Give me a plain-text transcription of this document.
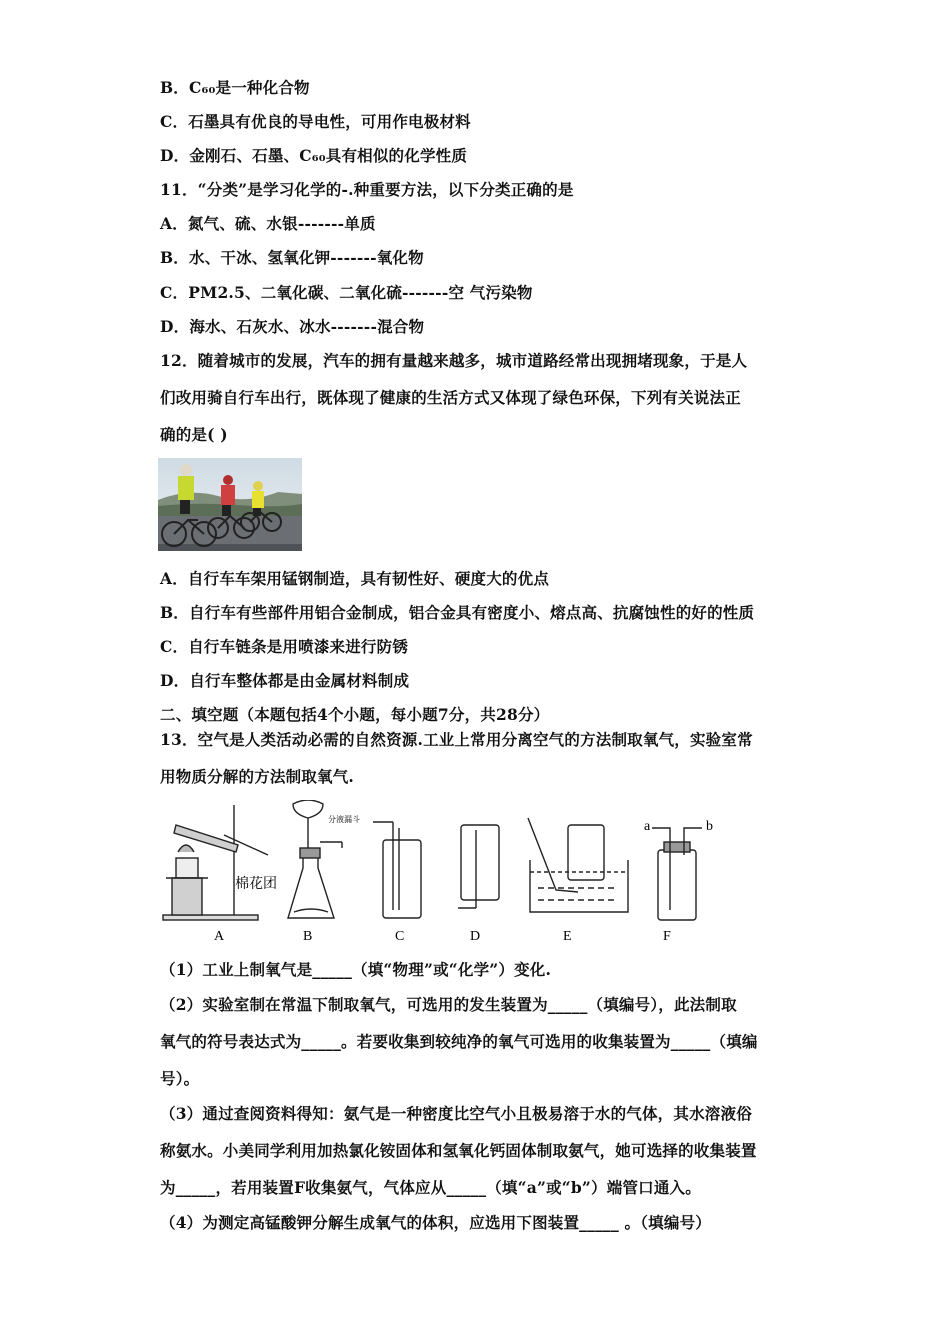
B．C₆₀是一种化合物
C．石墨具有优良的导电性，可用作电极材料
D．金刚石、石墨、C₆₀具有相似的化学性质
11．“分类”是学习化学的-.种重要方法，以下分类正确的是
A．氮气、硫、水银-------单质
B．水、干冰、氢氧化钾-------氧化物
C．PM2.5、二氧化碳、二氧化硫-------空 气污染物
D．海水、石灰水、冰水-------混合物
12．随着城市的发展，汽车的拥有量越来越多，城市道路经常出现拥堵现象，于是人
们改用骑自行车出行，既体现了健康的生活方式又体现了绿色环保，下列有关说法正
确的是( )
A．自行车车架用锰钢制造，具有韧性好、硬度大的优点
B．自行车有些部件用铝合金制成，铝合金具有密度小、熔点高、抗腐蚀性的好的性质
C．自行车链条是用喷漆来进行防锈
D．自行车整体都是由金属材料制成
二、填空题（本题包括4个小题，每小题7分，共28分）
13．空气是人类活动必需的自然资源.工业上常用分离空气的方法制取氧气，实验室常
用物质分解的方法制取氧气.
棉花团
分液漏斗	a	b
A	B	C	D	E	F
（1）工业上制氧气是_____（填“物理”或“化学”）变化.
（2）实验室制在常温下制取氧气，可选用的发生装置为_____（填编号），此法制取
氧气的符号表达式为_____。若要收集到较纯净的氧气可选用的收集装置为_____（填编
号）。
（3）通过查阅资料得知：氨气是一种密度比空气小且极易溶于水的气体，其水溶液俗
称氨水。小美同学利用加热氯化铵固体和氢氧化钙固体制取氨气，她可选择的收集装置
为_____，若用装置F收集氨气，气体应从_____（填“a”或“b”）端管口通入。
（4）为测定高锰酸钾分解生成氧气的体积，应选用下图装置_____ 。（填编号）
